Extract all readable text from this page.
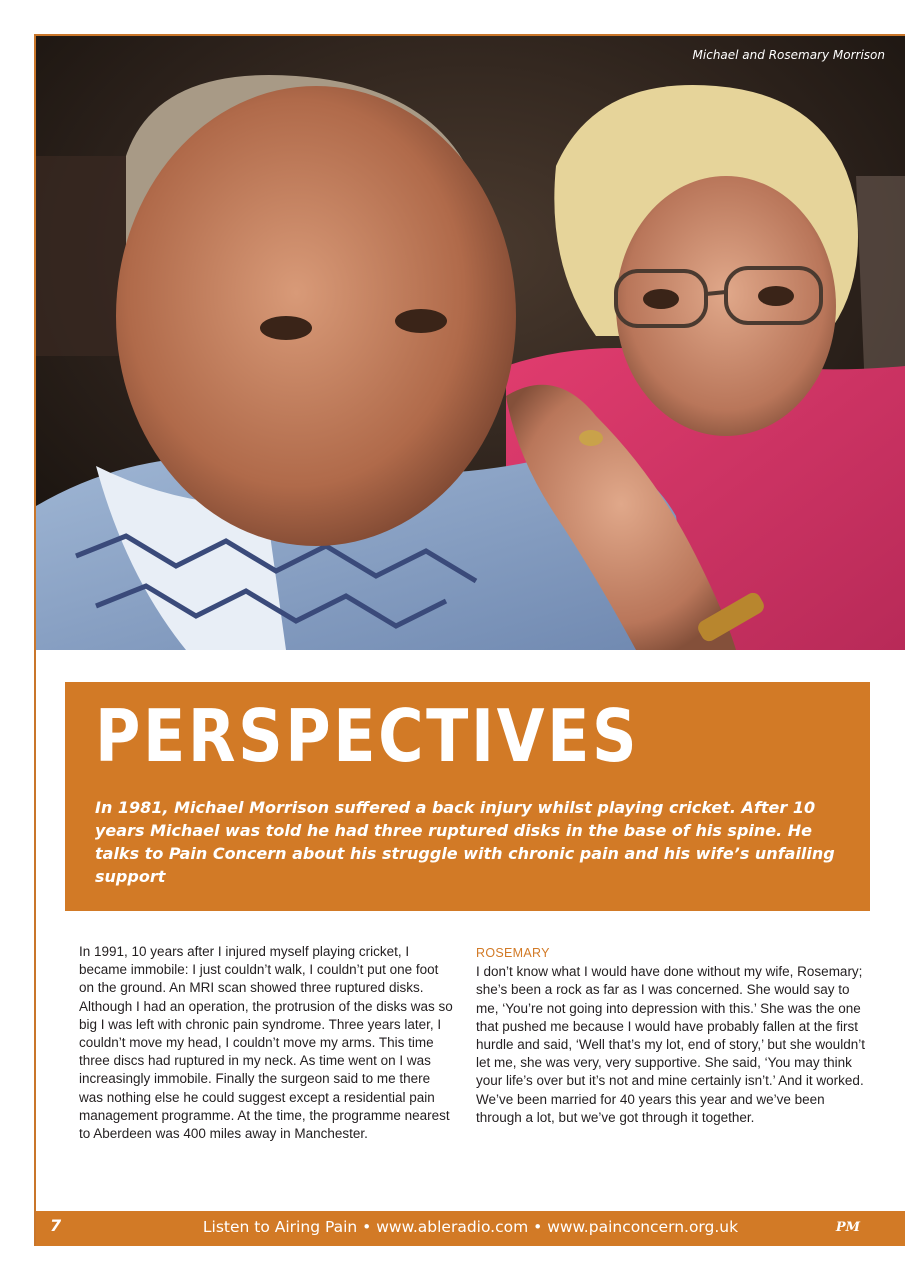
Michael and Rosemary Morrison
PERSPECTIVES

In 1981, Michael Morrison suffered a back injury whilst playing cricket. After 10 years Michael was told he had three ruptured disks in the base of his spine. He talks to Pain Concern about his struggle with chronic pain and his wife’s unfailing support

In 1991, 10 years after I injured myself playing cricket, I became immobile: I just couldn’t walk, I couldn’t put one foot on the ground. An MRI scan showed three ruptured disks. Although I had an operation, the protrusion of the disks was so big I was left with chronic pain syndrome. Three years later, I couldn’t move my head, I couldn’t move my arms. This time three discs had ruptured in my neck. As time went on I was increasingly immobile. Finally the surgeon said to me there was nothing else he could suggest except a residential pain management programme. At the time, the programme nearest to Aberdeen was 400 miles away in Manchester.

ROSEMARY

I don’t know what I would have done without my wife, Rosemary; she’s been a rock as far as I was concerned. She would say to me, ‘You’re not going into depression with this.’ She was the one that pushed me because I would have probably fallen at the first hurdle and said, ‘Well that’s my lot, end of story,’ but she wouldn’t let me, she was very, very supportive. She said, ‘You may think your life’s over but it’s not and mine certainly isn’t.’ And it worked. We’ve been married for 40 years this year and we’ve been through a lot, but we’ve got through it together.

7	Listen to Airing Pain • www.ableradio.com • www.painconcern.org.uk	PM
